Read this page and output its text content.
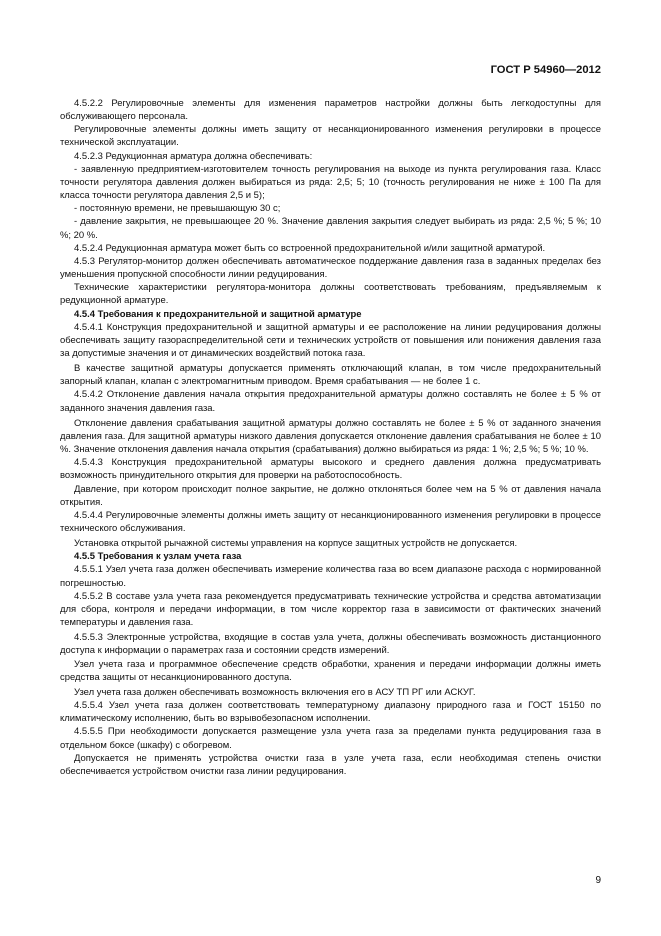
ГОСТ Р 54960—2012

4.5.2.2 Регулировочные элементы для изменения параметров настройки должны быть легкодоступны для обслуживающего персонала.

Регулировочные элементы должны иметь защиту от несанкционированного изменения регулировки в процессе технической эксплуатации.

4.5.2.3 Редукционная арматура должна обеспечивать:

- заявленную предприятием-изготовителем точность регулирования на выходе из пункта регулирования газа. Класс точности регулятора давления должен выбираться из ряда: 2,5; 5; 10 (точность регулирования не ниже ± 100 Па для класса точности регулятора давления 2,5 и 5);

- постоянную времени, не превышающую 30 с;

- давление закрытия, не превышающее 20 %. Значение давления закрытия следует выбирать из ряда: 2,5 %; 5 %; 10 %; 20 %.

4.5.2.4 Редукционная арматура может быть со встроенной предохранительной и/или защитной арматурой.

4.5.3 Регулятор-монитор должен обеспечивать автоматическое поддержание давления газа в заданных пределах без уменьшения пропускной способности линии редуцирования.

Технические характеристики регулятора-монитора должны соответствовать требованиям, предъявляемым к редукционной арматуре.

4.5.4 Требования к предохранительной и защитной арматуре

4.5.4.1 Конструкция предохранительной и защитной арматуры и ее расположение на линии редуцирования должны обеспечивать защиту газораспределительной сети и технических устройств от повышения или понижения давления газа за допустимые значения и от динамических воздействий потока газа.

В качестве защитной арматуры допускается применять отключающий клапан, в том числе предохранительный запорный клапан, клапан с электромагнитным приводом. Время срабатывания — не более 1 с.

4.5.4.2 Отклонение давления начала открытия предохранительной арматуры должно составлять не более ± 5 % от заданного значения давления газа.

Отклонение давления срабатывания защитной арматуры должно составлять не более ± 5 % от заданного значения давления газа. Для защитной арматуры низкого давления допускается отклонение давления срабатывания не более ± 10 %. Значение отклонения давления начала открытия (срабатывания) должно выбираться из ряда: 1 %; 2,5 %; 5 %; 10 %.

4.5.4.3 Конструкция предохранительной арматуры высокого и среднего давления должна предусматривать возможность принудительного открытия для проверки на работоспособность.

Давление, при котором происходит полное закрытие, не должно отклоняться более чем на 5 % от давления начала открытия.

4.5.4.4 Регулировочные элементы должны иметь защиту от несанкционированного изменения регулировки в процессе технического обслуживания.

Установка открытой рычажной системы управления на корпусе защитных устройств не допускается.

4.5.5 Требования к узлам учета газа

4.5.5.1 Узел учета газа должен обеспечивать измерение количества газа во всем диапазоне расхода с нормированной погрешностью.

4.5.5.2 В составе узла учета газа рекомендуется предусматривать технические устройства и средства автоматизации для сбора, контроля и передачи информации, в том числе корректор газа в зависимости от фактических значений температуры и давления газа.

4.5.5.3 Электронные устройства, входящие в состав узла учета, должны обеспечивать возможность дистанционного доступа к информации о параметрах газа и состоянии средств измерений.

Узел учета газа и программное обеспечение средств обработки, хранения и передачи информации должны иметь средства защиты от несанкционированного доступа.

Узел учета газа должен обеспечивать возможность включения его в АСУ ТП РГ или АСКУГ.

4.5.5.4 Узел учета газа должен соответствовать температурному диапазону природного газа и ГОСТ 15150 по климатическому исполнению, быть во взрывобезопасном исполнении.

4.5.5.5 При необходимости допускается размещение узла учета газа за пределами пункта редуцирования газа в отдельном боксе (шкафу) с обогревом.

Допускается не применять устройства очистки газа в узле учета газа, если необходимая степень очистки обеспечивается устройством очистки газа линии редуцирования.

9
